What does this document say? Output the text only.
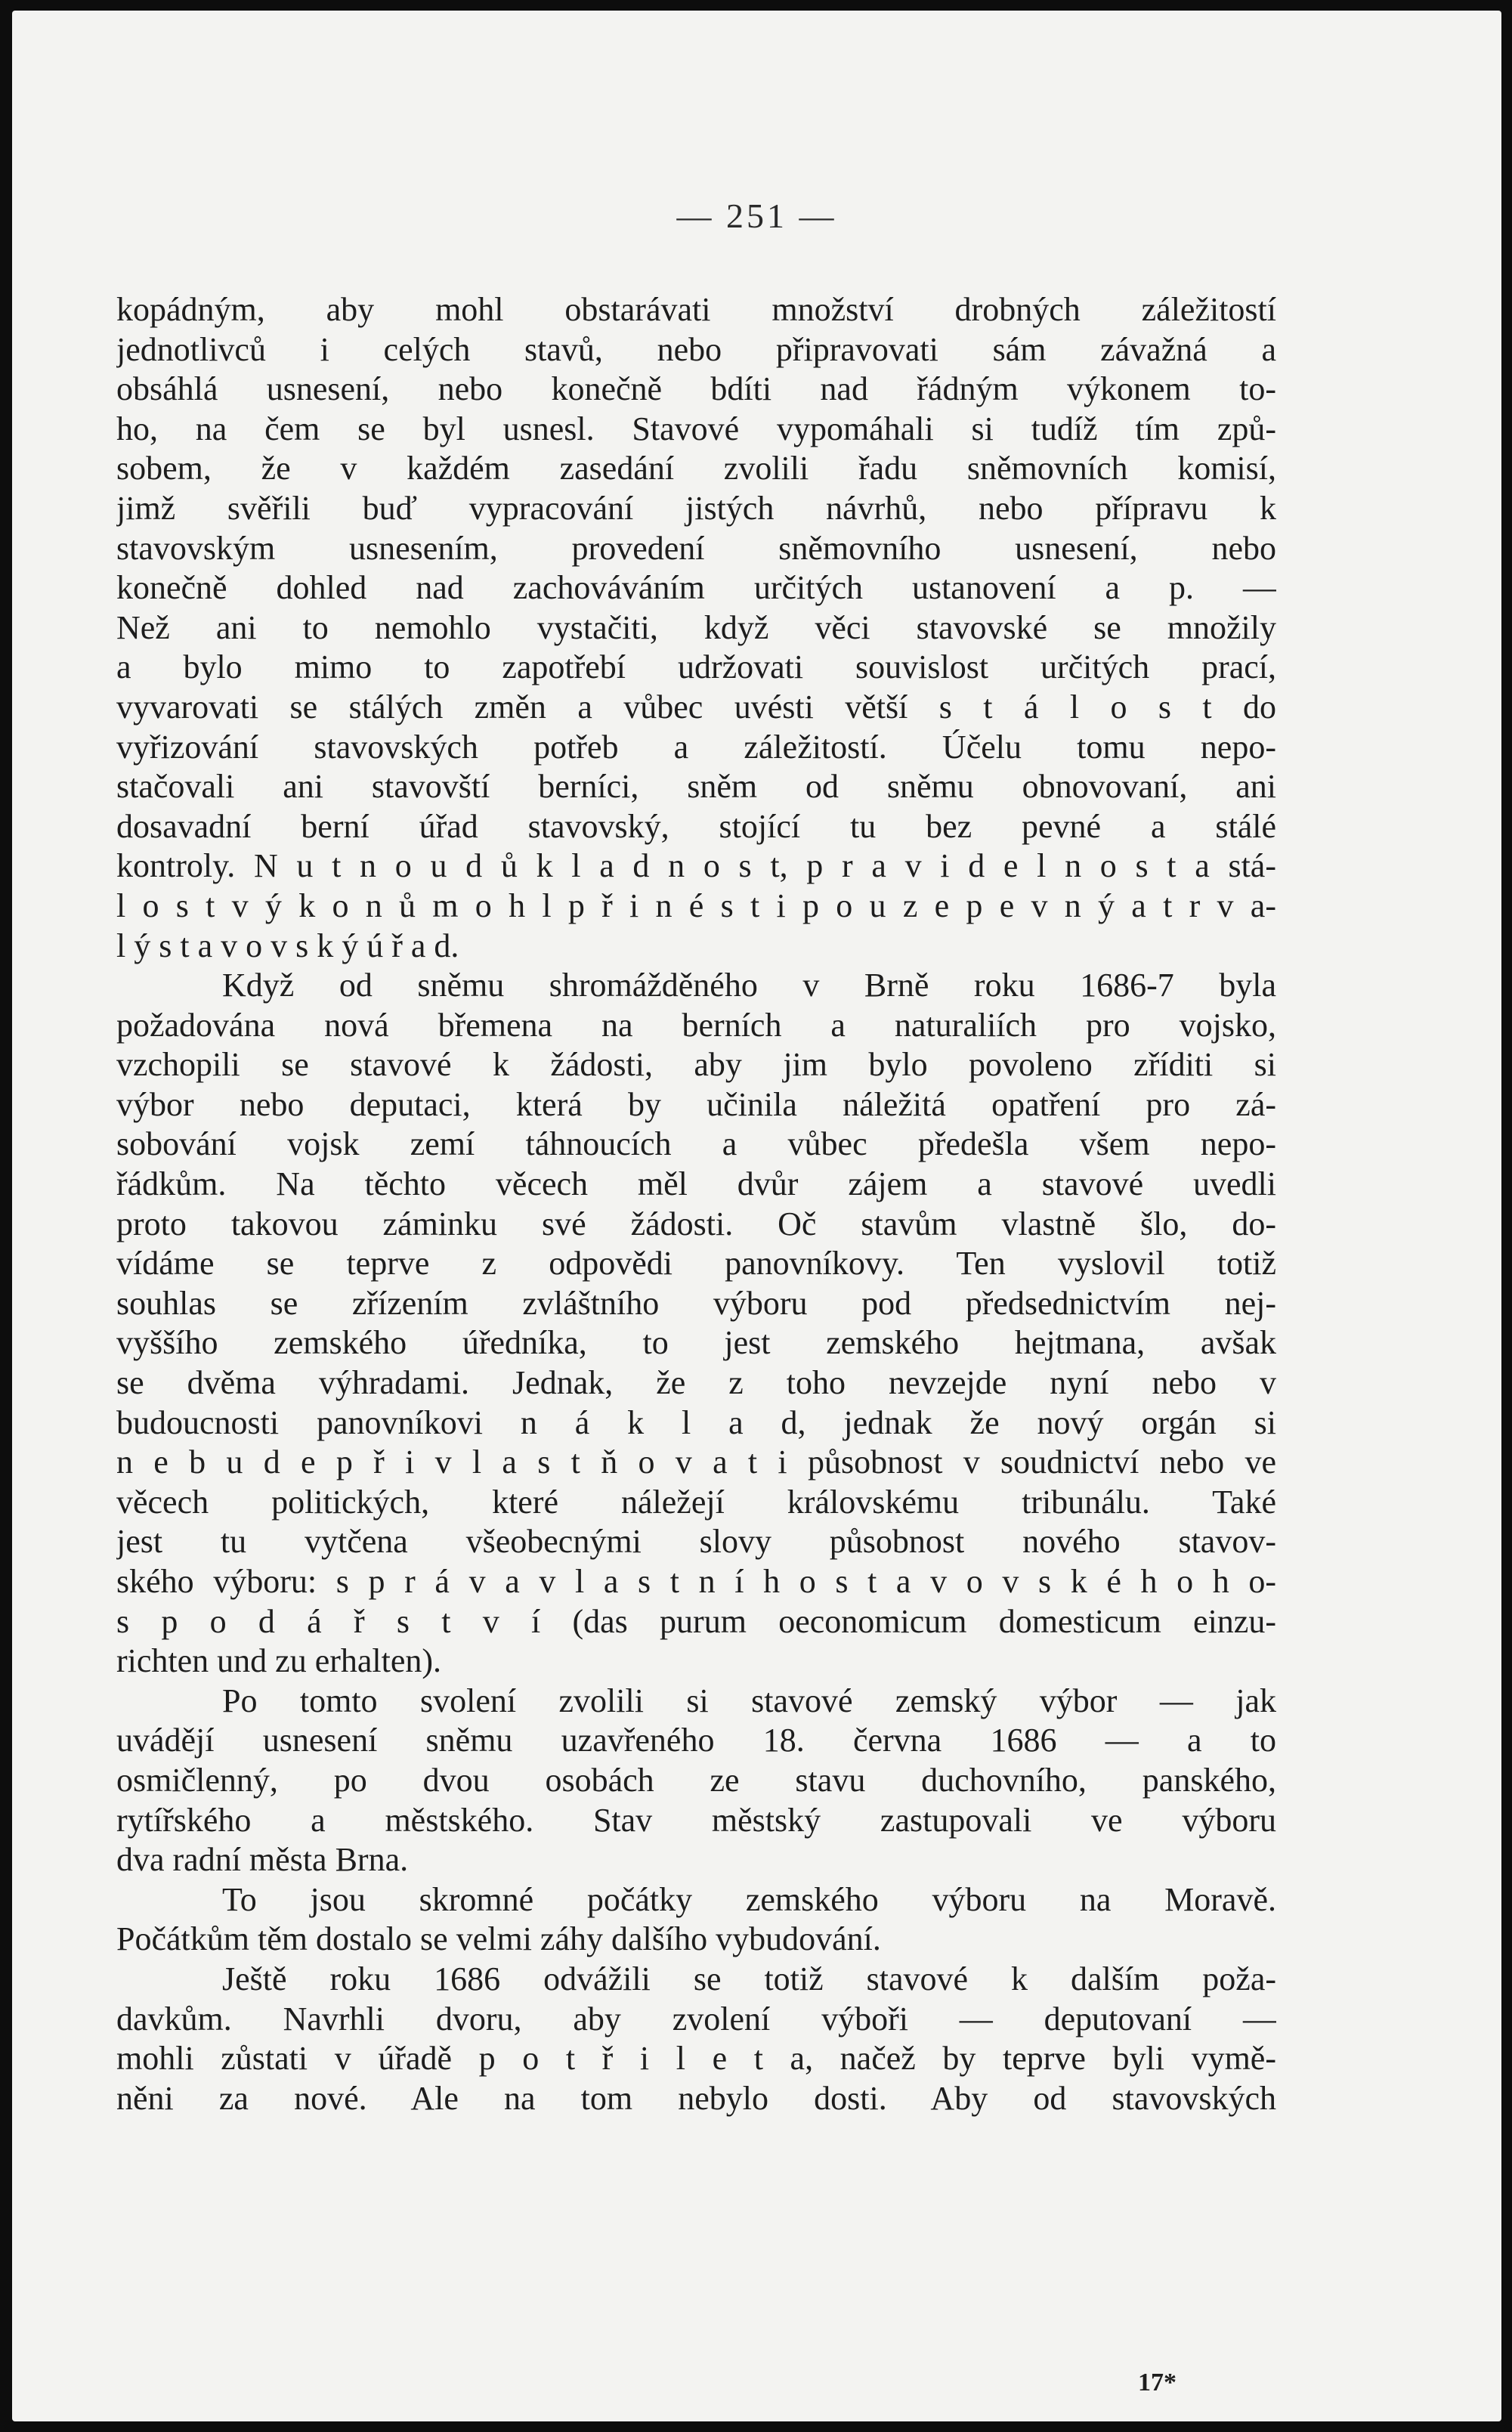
— 251 —
kopádným, aby mohl obstarávati množství drobných záležitostí
jednotlivců i celých stavů, nebo připravovati sám závažná a
obsáhlá usnesení, nebo konečně bdíti nad řádným výkonem to-
ho, na čem se byl usnesl. Stavové vypomáhali si tudíž tím způ-
sobem, že v každém zasedání zvolili řadu sněmovních komisí,
jimž svěřili buď vypracování jistých návrhů, nebo přípravu k
stavovským usnesením, provedení sněmovního usnesení, nebo
konečně dohled nad zachováváním určitých ustanovení a p. —
Než ani to nemohlo vystačiti, když věci stavovské se množily
a bylo mimo to zapotřebí udržovati souvislost určitých prací,
vyvarovati se stálých změn a vůbec uvésti větší s t á l o s t do
vyřizování stavovských potřeb a záležitostí. Účelu tomu nepo-
stačovali ani stavovští berníci, sněm od sněmu obnovovaní, ani
dosavadní berní úřad stavovský, stojící tu bez pevné a stálé
kontroly. N u t n o u d ů k l a d n o s t, p r a v i d e l n o s t a stá-
l o s t v ý k o n ů m o h l p ř i n é s t i p o u z e p e v n ý a t r v a-
l ý s t a v o v s k ý ú ř a d.
Když od sněmu shromážděného v Brně roku 1686-7 byla
požadována nová břemena na berních a naturaliích pro vojsko,
vzchopili se stavové k žádosti, aby jim bylo povoleno zříditi si
výbor nebo deputaci, která by učinila náležitá opatření pro zá-
sobování vojsk zemí táhnoucích a vůbec předešla všem nepo-
řádkům. Na těchto věcech měl dvůr zájem a stavové uvedli
proto takovou záminku své žádosti. Oč stavům vlastně šlo, do-
vídáme se teprve z odpovědi panovníkovy. Ten vyslovil totiž
souhlas se zřízením zvláštního výboru pod předsednictvím nej-
vyššího zemského úředníka, to jest zemského hejtmana, avšak
se dvěma výhradami. Jednak, že z toho nevzejde nyní nebo v
budoucnosti panovníkovi n á k l a d, jednak že nový orgán si
n e b u d e p ř i v l a s t ň o v a t i působnost v soudnictví nebo ve
věcech politických, které náležejí královskému tribunálu. Také
jest tu vytčena všeobecnými slovy působnost nového stavov-
ského výboru: s p r á v a v l a s t n í h o s t a v o v s k é h o h o-
s p o d á ř s t v í (das purum oeconomicum domesticum einzu-
richten und zu erhalten).
Po tomto svolení zvolili si stavové zemský výbor — jak
uvádějí usnesení sněmu uzavřeného 18. června 1686 — a to
osmičlenný, po dvou osobách ze stavu duchovního, panského,
rytířského a městského. Stav městský zastupovali ve výboru
dva radní města Brna.
To jsou skromné počátky zemského výboru na Moravě.
Počátkům těm dostalo se velmi záhy dalšího vybudování.
Ještě roku 1686 odvážili se totiž stavové k dalším poža-
davkům. Navrhli dvoru, aby zvolení výboři — deputovaní —
mohli zůstati v úřadě p o t ř i l e t a, načež by teprve byli vymě-
něni za nové. Ale na tom nebylo dosti. Aby od stavovských
17*
